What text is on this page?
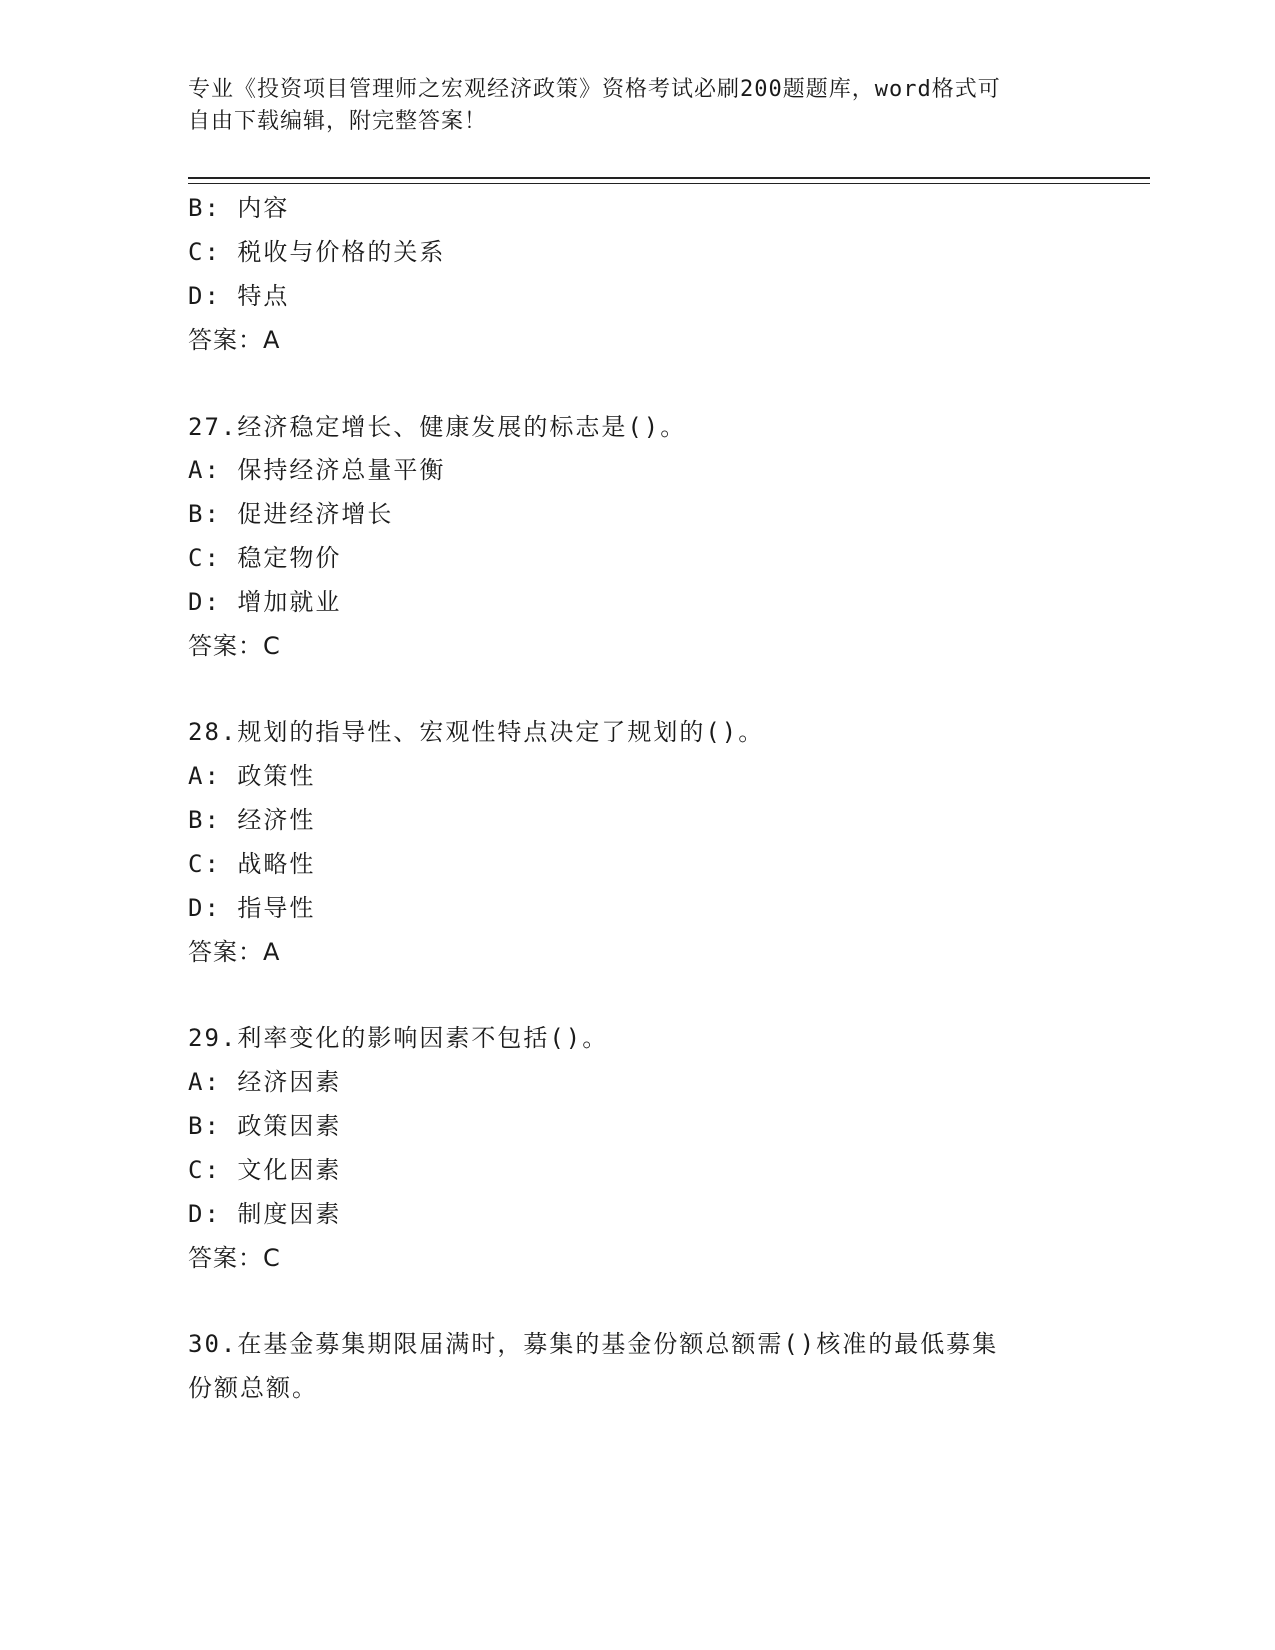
专业《投资项目管理师之宏观经济政策》资格考试必刷200题题库，word格式可
自由下载编辑，附完整答案！
B: 内容
C: 税收与价格的关系
D: 特点
答案：A
27.经济稳定增长、健康发展的标志是()。
A: 保持经济总量平衡
B: 促进经济增长
C: 稳定物价
D: 增加就业
答案：C
28.规划的指导性、宏观性特点决定了规划的()。
A: 政策性
B: 经济性
C: 战略性
D: 指导性
答案：A
29.利率变化的影响因素不包括()。
A: 经济因素
B: 政策因素
C: 文化因素
D: 制度因素
答案：C
30.在基金募集期限届满时，募集的基金份额总额需()核准的最低募集
份额总额。
